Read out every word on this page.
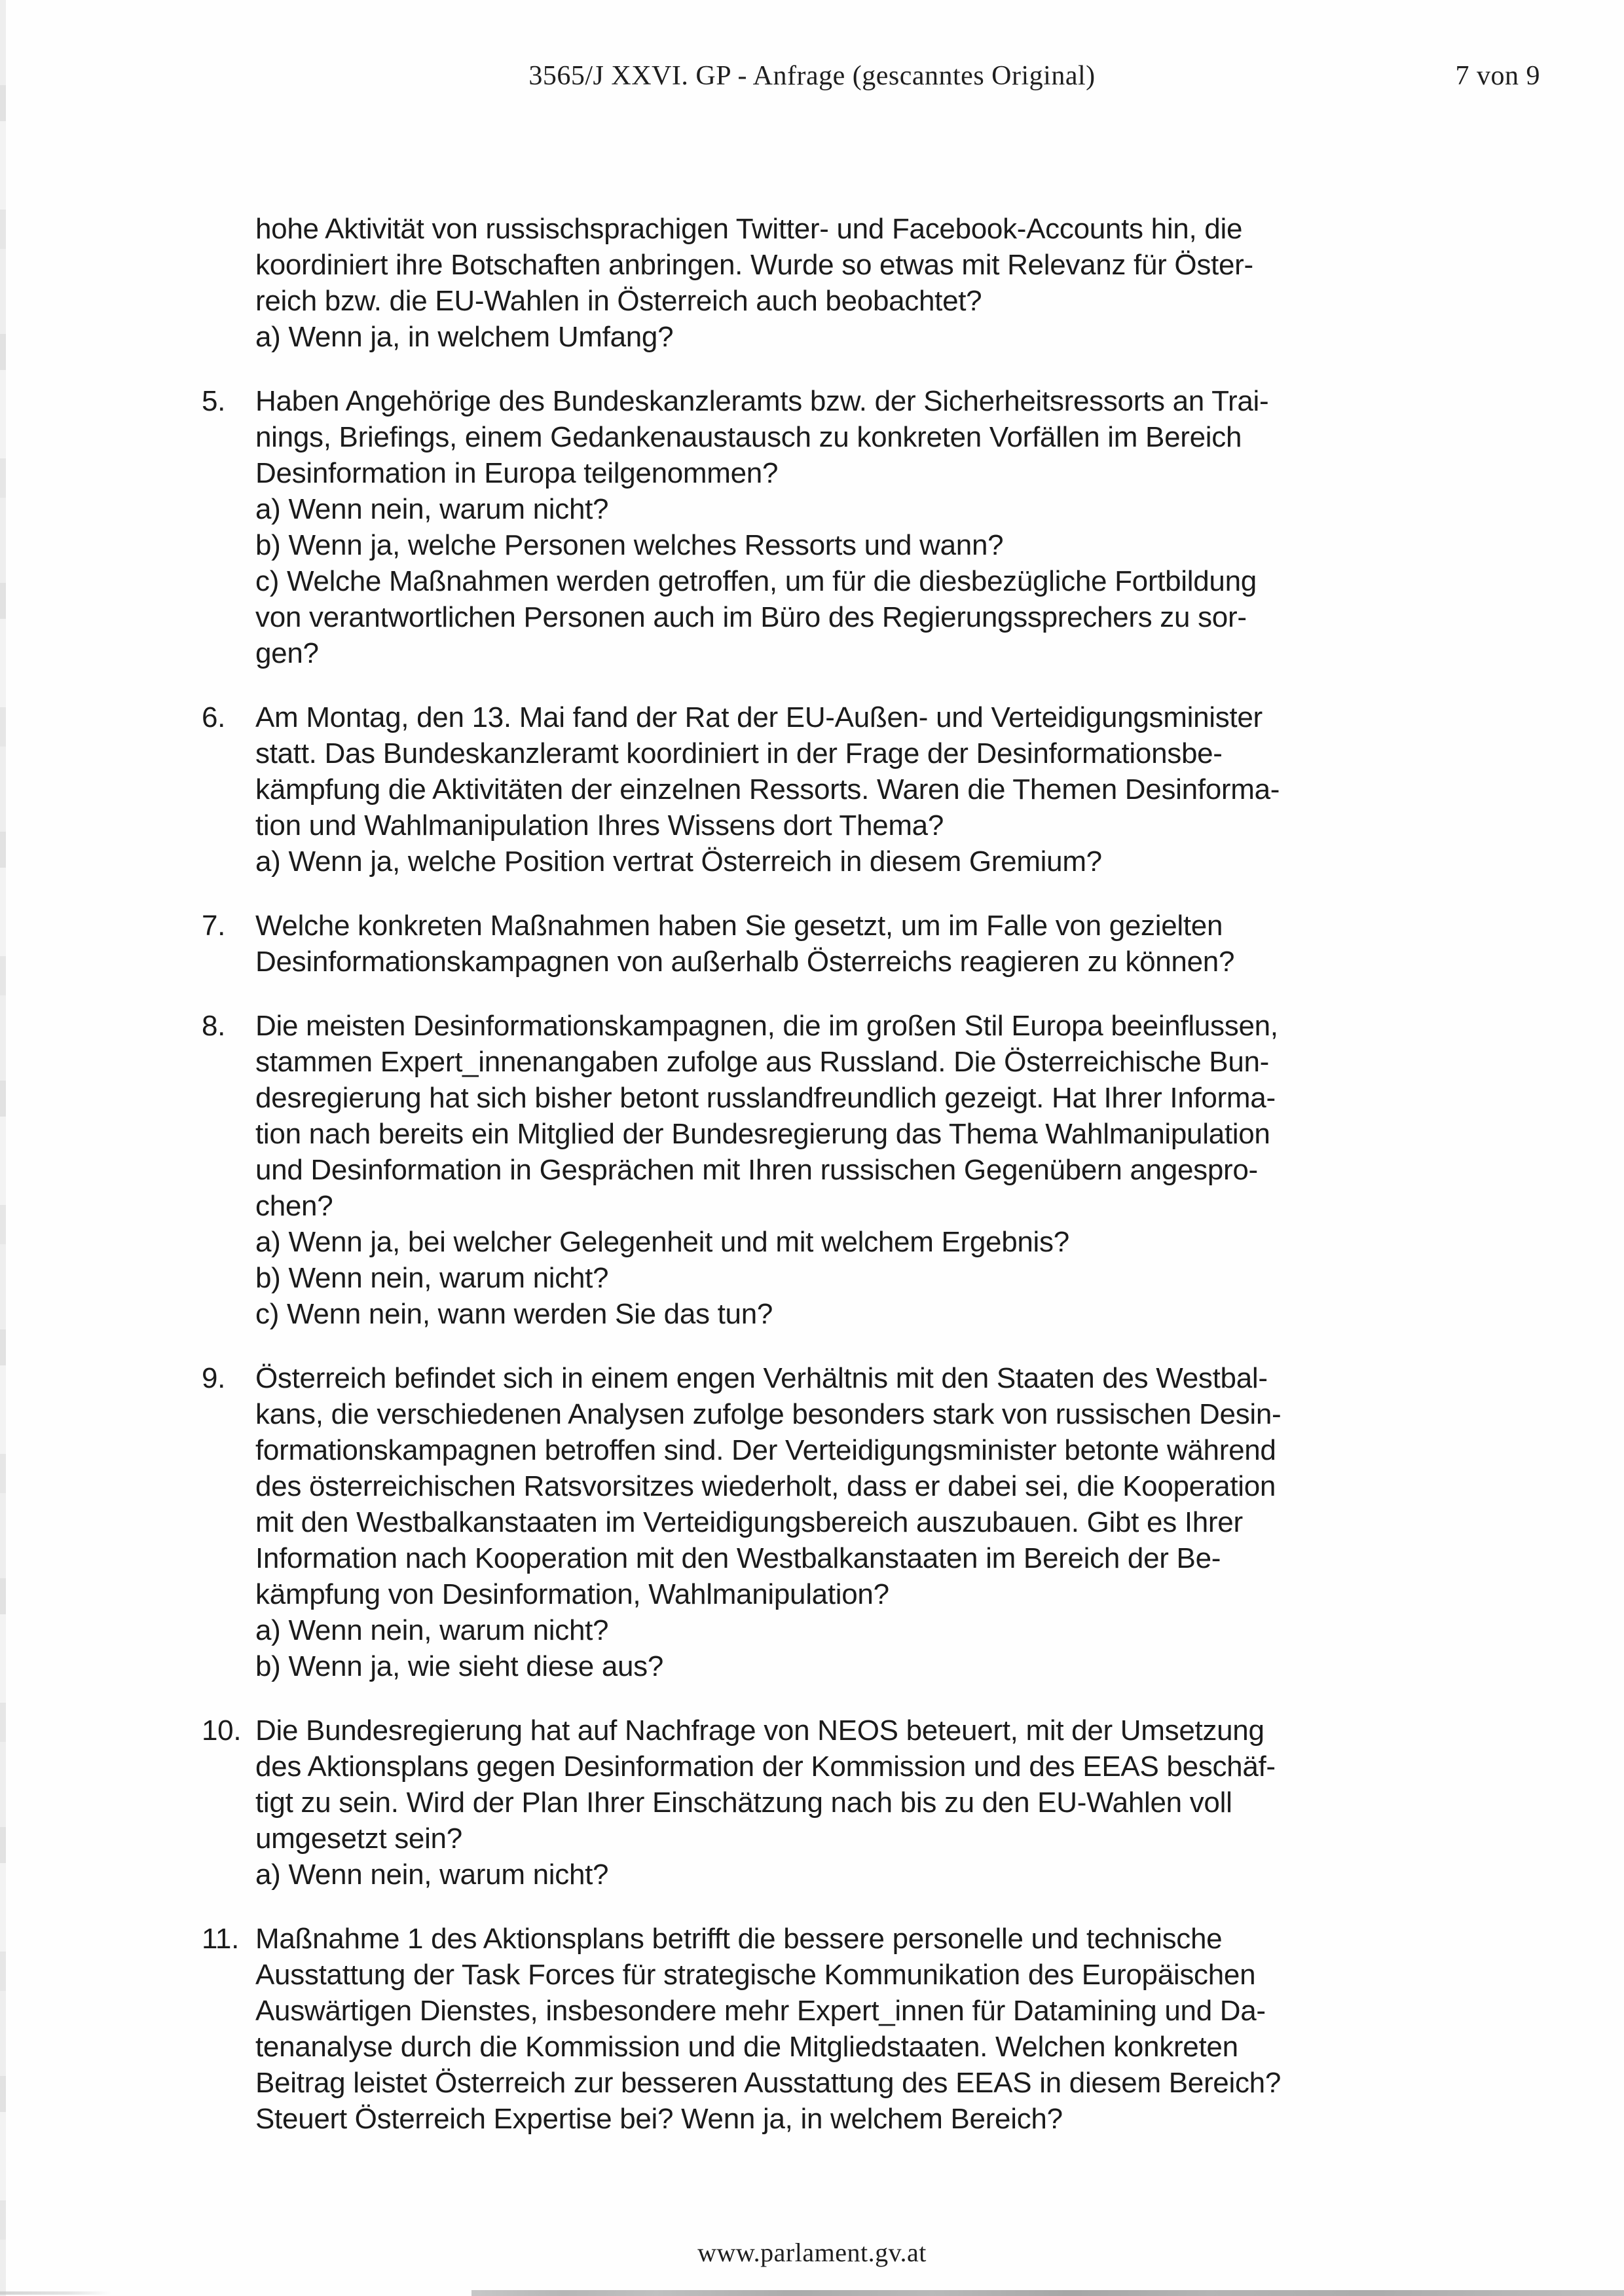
3565/J XXVI. GP - Anfrage (gescanntes Original)	7 von 9
hohe Aktivität von russischsprachigen Twitter- und Facebook-Accounts hin, die
koordiniert ihre Botschaften anbringen. Wurde so etwas mit Relevanz für Öster-
reich bzw. die EU-Wahlen in Österreich auch beobachtet?
a) Wenn ja, in welchem Umfang?
5. Haben Angehörige des Bundeskanzleramts bzw. der Sicherheitsressorts an Trai-
nings, Briefings, einem Gedankenaustausch zu konkreten Vorfällen im Bereich
Desinformation in Europa teilgenommen?
a) Wenn nein, warum nicht?
b) Wenn ja, welche Personen welches Ressorts und wann?
c) Welche Maßnahmen werden getroffen, um für die diesbezügliche Fortbildung
von verantwortlichen Personen auch im Büro des Regierungssprechers zu sor-
gen?
6. Am Montag, den 13. Mai fand der Rat der EU-Außen- und Verteidigungsminister
statt. Das Bundeskanzleramt koordiniert in der Frage der Desinformationsbe-
kämpfung die Aktivitäten der einzelnen Ressorts. Waren die Themen Desinforma-
tion und Wahlmanipulation Ihres Wissens dort Thema?
a) Wenn ja, welche Position vertrat Österreich in diesem Gremium?
7. Welche konkreten Maßnahmen haben Sie gesetzt, um im Falle von gezielten
Desinformationskampagnen von außerhalb Österreichs reagieren zu können?
8. Die meisten Desinformationskampagnen, die im großen Stil Europa beeinflussen,
stammen Expert_innenangaben zufolge aus Russland. Die Österreichische Bun-
desregierung hat sich bisher betont russlandfreundlich gezeigt. Hat Ihrer Informa-
tion nach bereits ein Mitglied der Bundesregierung das Thema Wahlmanipulation
und Desinformation in Gesprächen mit Ihren russischen Gegenübern angespro-
chen?
a) Wenn ja, bei welcher Gelegenheit und mit welchem Ergebnis?
b) Wenn nein, warum nicht?
c) Wenn nein, wann werden Sie das tun?
9. Österreich befindet sich in einem engen Verhältnis mit den Staaten des Westbal-
kans, die verschiedenen Analysen zufolge besonders stark von russischen Desin-
formationskampagnen betroffen sind. Der Verteidigungsminister betonte während
des österreichischen Ratsvorsitzes wiederholt, dass er dabei sei, die Kooperation
mit den Westbalkanstaaten im Verteidigungsbereich auszubauen. Gibt es Ihrer
Information nach Kooperation mit den Westbalkanstaaten im Bereich der Be-
kämpfung von Desinformation, Wahlmanipulation?
a) Wenn nein, warum nicht?
b) Wenn ja, wie sieht diese aus?
10. Die Bundesregierung hat auf Nachfrage von NEOS beteuert, mit der Umsetzung
des Aktionsplans gegen Desinformation der Kommission und des EEAS beschäf-
tigt zu sein. Wird der Plan Ihrer Einschätzung nach bis zu den EU-Wahlen voll
umgesetzt sein?
a) Wenn nein, warum nicht?
11. Maßnahme 1 des Aktionsplans betrifft die bessere personelle und technische
Ausstattung der Task Forces für strategische Kommunikation des Europäischen
Auswärtigen Dienstes, insbesondere mehr Expert_innen für Datamining und Da-
tenanalyse durch die Kommission und die Mitgliedstaaten. Welchen konkreten
Beitrag leistet Österreich zur besseren Ausstattung des EEAS in diesem Bereich?
Steuert Österreich Expertise bei? Wenn ja, in welchem Bereich?
www.parlament.gv.at
